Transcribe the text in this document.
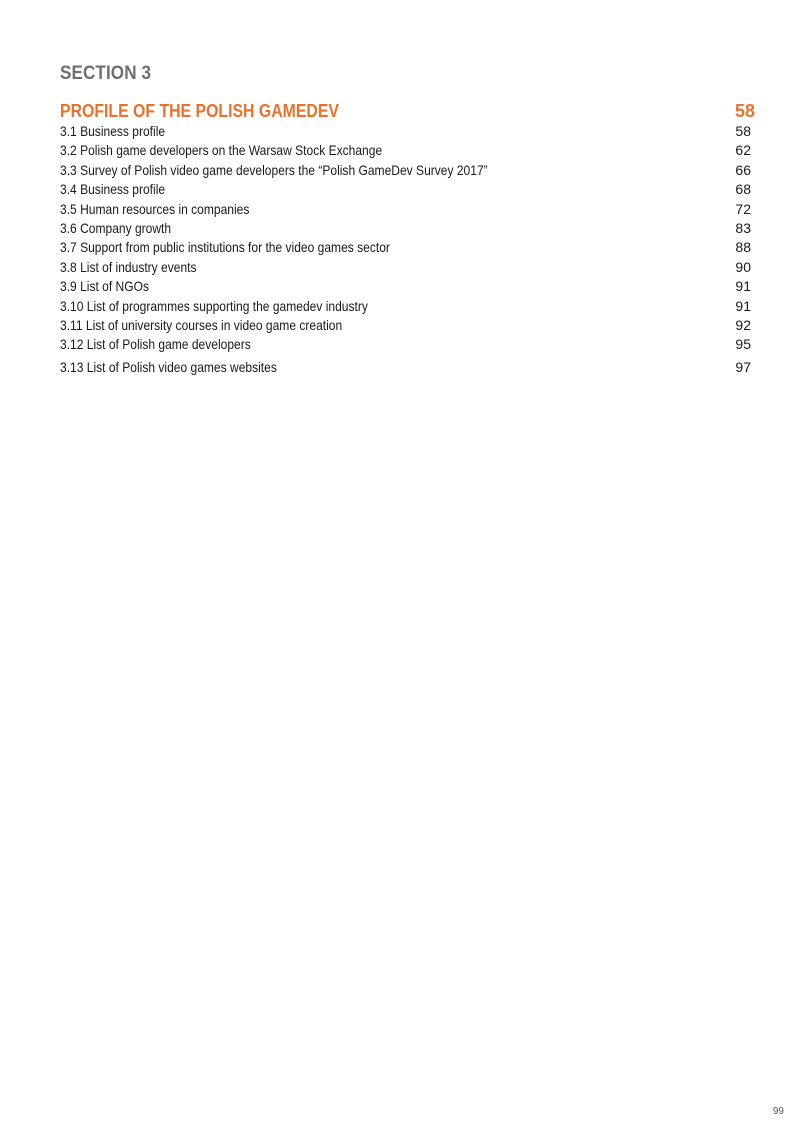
SECTION 3
PROFILE OF THE POLISH GAMEDEV	58
3.1 Business profile	58
3.2 Polish game developers on the Warsaw Stock Exchange	62
3.3 Survey of Polish video game developers the “Polish GameDev Survey 2017”	66
3.4 Business profile	68
3.5 Human resources in companies	72
3.6 Company growth	83
3.7 Support from public institutions for the video games sector	88
3.8 List of industry events	90
3.9 List of NGOs	91
3.10 List of programmes supporting the gamedev industry	91
3.11 List of university courses in video game creation	92
3.12 List of Polish game developers	95
3.13 List of Polish video games websites	97
99
